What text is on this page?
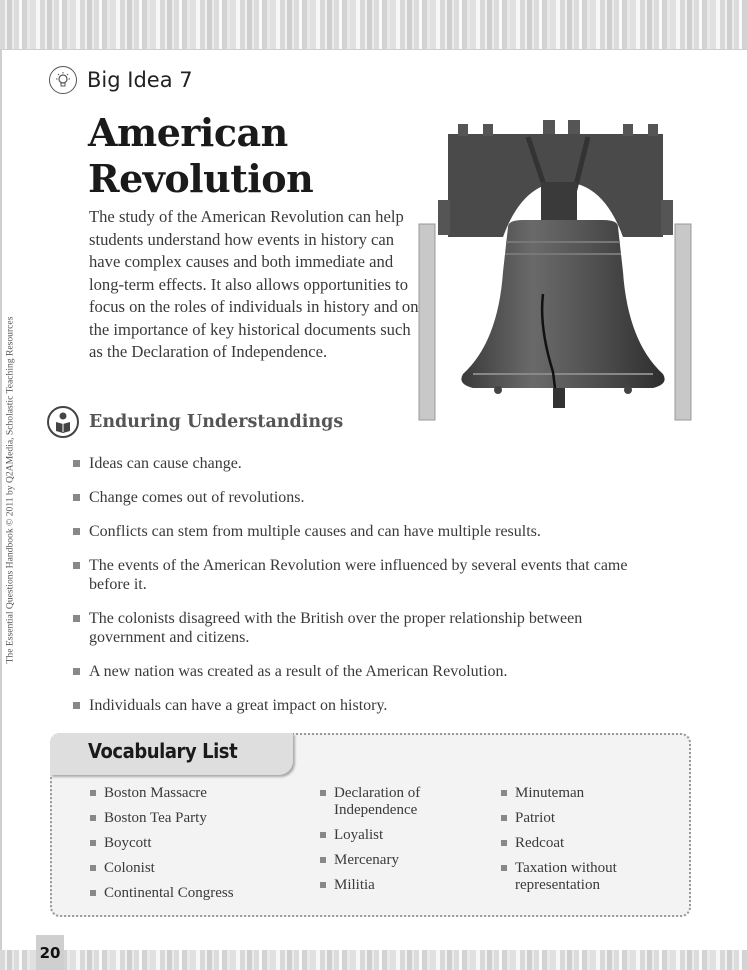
The Essential Questions Handbook © 2011 by Q2AMedia, Scholastic Teaching Resources
Big Idea 7
American
Revolution
The study of the American Revolution can help students understand how events in history can have complex causes and both immediate and long-term effects. It also allows opportunities to focus on the roles of individuals in history and on the importance of key historical documents such as the Declaration of Independence.
Enduring Understandings
Ideas can cause change.
Change comes out of revolutions.
Conflicts can stem from multiple causes and can have multiple results.
The events of the American Revolution were influenced by several events that came before it.
The colonists disagreed with the British over the proper relationship between government and citizens.
A new nation was created as a result of the American Revolution.
Individuals can have a great impact on history.
Vocabulary List
Boston Massacre
Boston Tea Party
Boycott
Colonist
Continental Congress
Declaration of Independence
Loyalist
Mercenary
Militia
Minuteman
Patriot
Redcoat
Taxation without representation
20
